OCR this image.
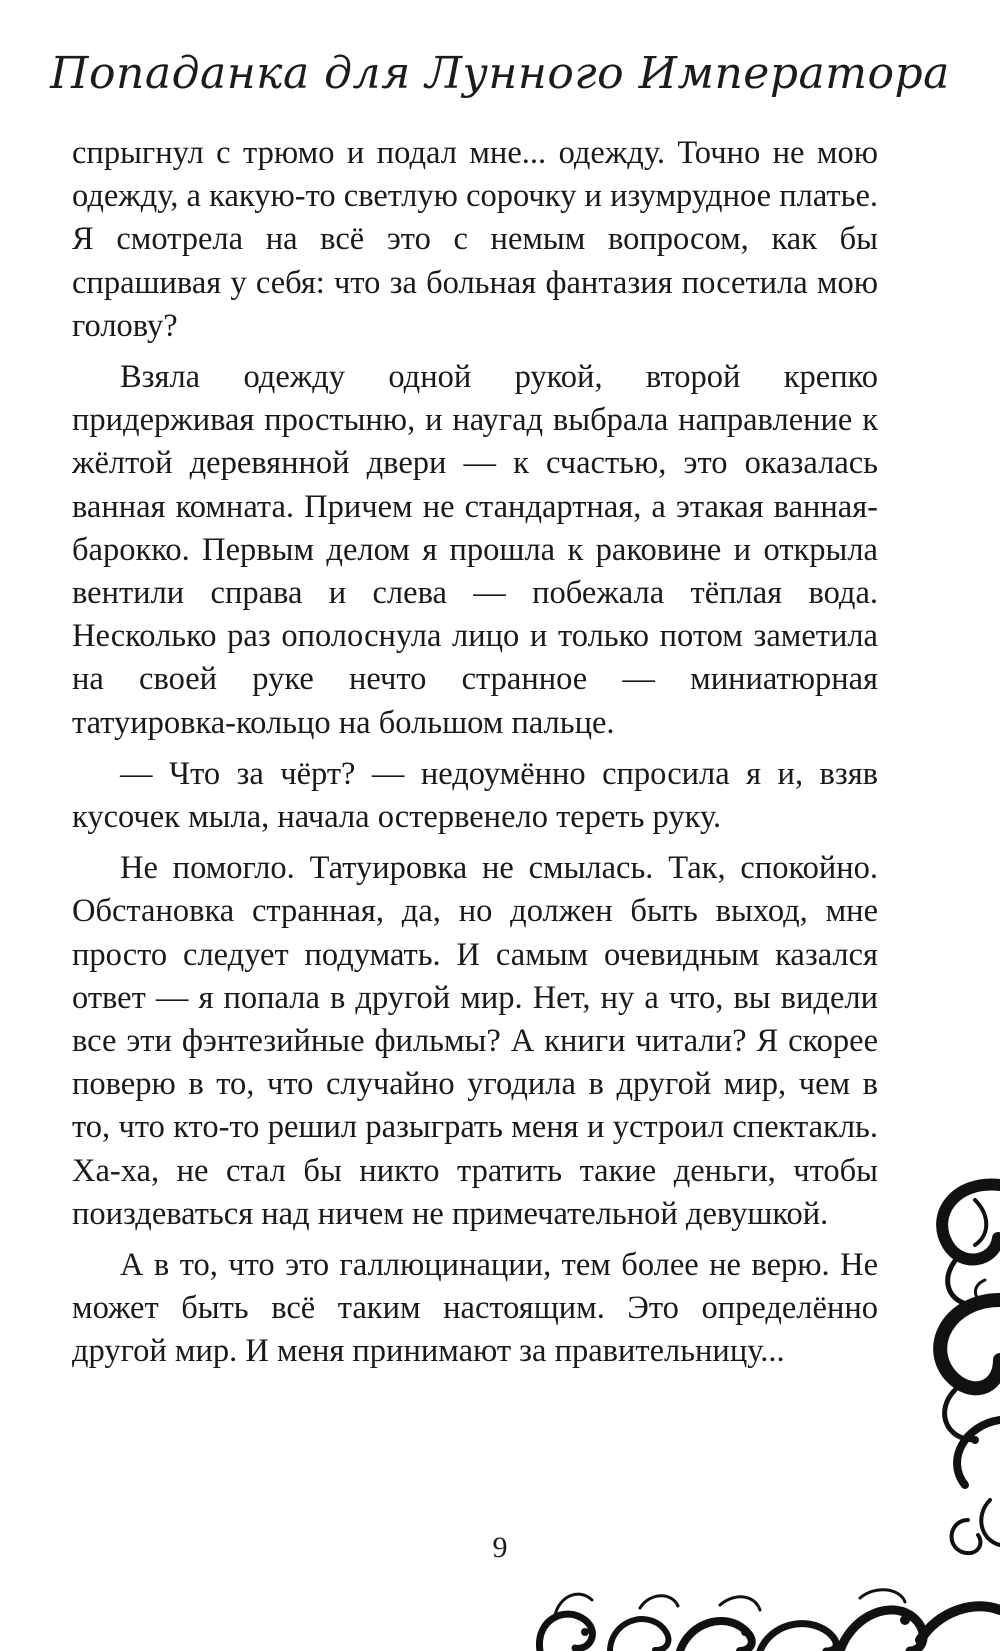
Попаданка для Лунного Императора

спрыгнул с трюмо и подал мне... одежду. Точно не мою одежду, а какую-то светлую сорочку и изумрудное платье. Я смотрела на всё это с немым вопросом, как бы спрашивая у себя: что за больная фантазия посетила мою голову?

Взяла одежду одной рукой, второй крепко придерживая простыню, и наугад выбрала направление к жёлтой деревянной двери — к счастью, это оказалась ванная комната. Причем не стандартная, а этакая ванная-барокко. Первым делом я прошла к раковине и открыла вентили справа и слева — побежала тёплая вода. Несколько раз ополоснула лицо и только потом заметила на своей руке нечто странное — миниатюрная татуировка-кольцо на большом пальце.

— Что за чёрт? — недоумённо спросила я и, взяв кусочек мыла, начала остервенело тереть руку.

Не помогло. Татуировка не смылась. Так, спокойно. Обстановка странная, да, но должен быть выход, мне просто следует подумать. И самым очевидным казался ответ — я попала в другой мир. Нет, ну а что, вы видели все эти фэнтезийные фильмы? А книги читали? Я скорее поверю в то, что случайно угодила в другой мир, чем в то, что кто-то решил разыграть меня и устроил спектакль. Ха-ха, не стал бы никто тратить такие деньги, чтобы поиздеваться над ничем не примечательной девушкой.

А в то, что это галлюцинации, тем более не верю. Не может быть всё таким настоящим. Это определённо другой мир. И меня принимают за правительницу...

9
